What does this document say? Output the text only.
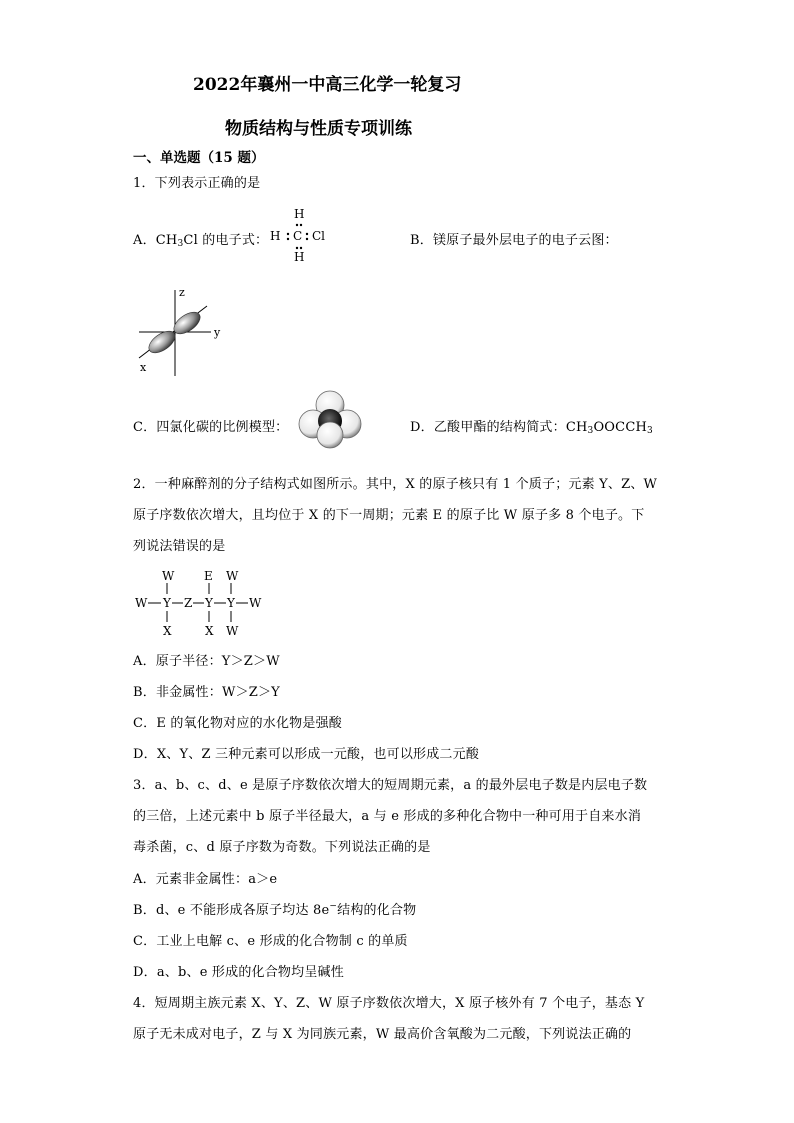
2022年襄州一中高三化学一轮复习
物质结构与性质专项训练
一、单选题（15 题）
1．下列表示正确的是
A．$CH_3Cl$ 的电子式：
H
H C Cl
H
B．镁原子最外层电子的电子云图：
z
y
x
C．四氯化碳的比例模型：	D．乙酸甲酯的结构简式：$CH_3OOCCH_3$
2．一种麻醉剂的分子结构式如图所示。其中，X 的原子核只有 1 个质子；元素 Y、Z、W
原子序数依次增大，且均位于 X 的下一周期；元素 E 的原子比 W 原子多 8 个电子。下
列说法错误的是
W E W
W Y Z Y Y W
X	X W
A．原子半径：Y＞Z＞W
B．非金属性：W＞Z＞Y
C．E 的氧化物对应的水化物是强酸
D．X、Y、Z 三种元素可以形成一元酸，也可以形成二元酸
3．a、b、c、d、e 是原子序数依次增大的短周期元素，a 的最外层电子数是内层电子数
的三倍，上述元素中 b 原子半径最大，a 与 e 形成的多种化合物中一种可用于自来水消
毒杀菌，c、d 原子序数为奇数。下列说法正确的是
A．元素非金属性：a＞e
B．d、e 不能形成各原子均达 8e−结构的化合物
C．工业上电解 c、e 形成的化合物制 c 的单质
D．a、b、e 形成的化合物均呈碱性
4．短周期主族元素 X、Y、Z、W 原子序数依次增大，X 原子核外有 7 个电子，基态 Y
原子无未成对电子，Z 与 X 为同族元素，W 最高价含氧酸为二元酸，下列说法正确的
